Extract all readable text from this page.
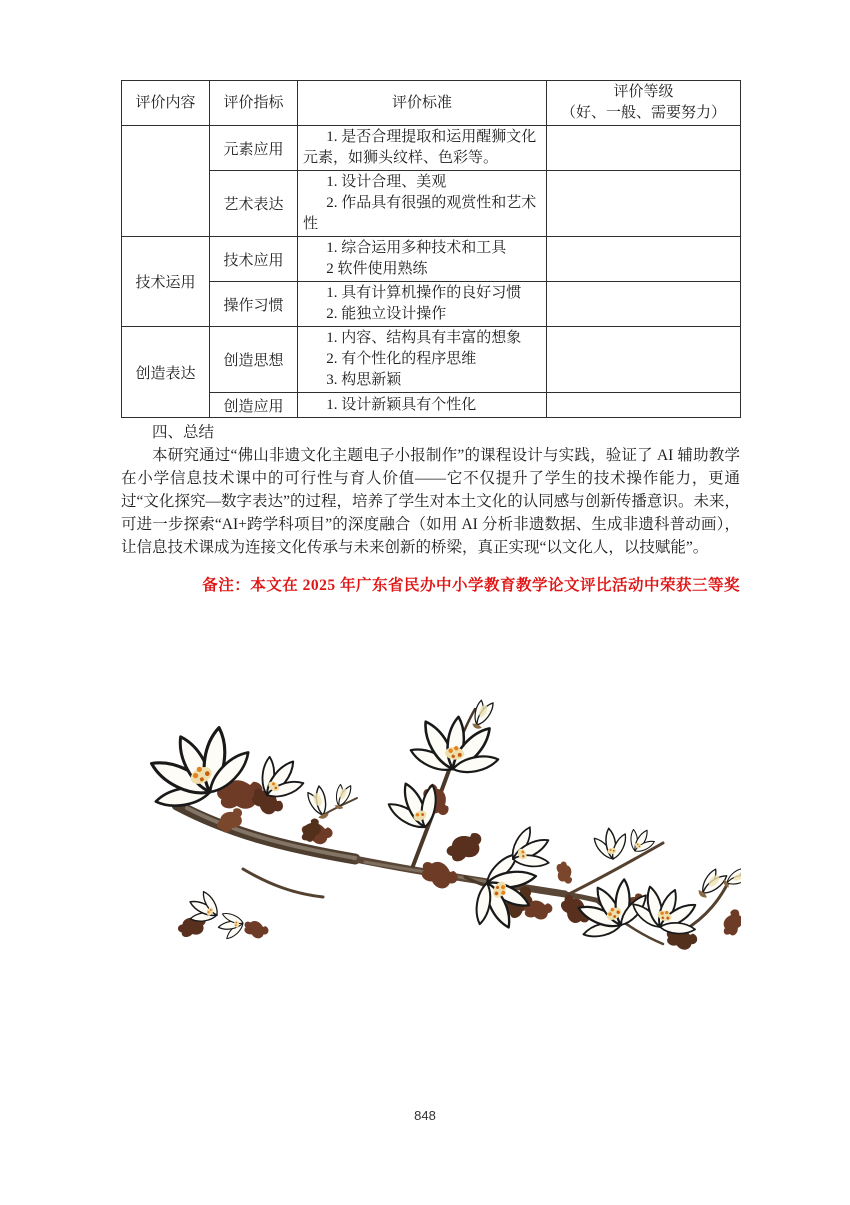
评价内容	评价指标	评价标准	评价等级
（好、一般、需要努力）

	元素应用	1. 是否合理提取和运用醒狮文化元素，如狮头纹样、色彩等。	

	艺术表达	1. 设计合理、美观

2. 作品具有很强的观赏性和艺术性	

技术运用	技术应用	1. 综合运用多种技术和工具

2 软件使用熟练	

	操作习惯	1. 具有计算机操作的良好习惯

2. 能独立设计操作	

创造表达	创造思想	1. 内容、结构具有丰富的想象

2. 有个性化的程序思维

3. 构思新颖	

	创造应用	1. 设计新颖具有个性化	

四、总结

本研究通过“佛山非遗文化主题电子小报制作”的课程设计与实践，验证了 AI 辅助教学在小学信息技术课中的可行性与育人价值——它不仅提升了学生的技术操作能力，更通过“文化探究—数字表达”的过程，培养了学生对本土文化的认同感与创新传播意识。未来，可进一步探索“AI+跨学科项目”的深度融合（如用 AI 分析非遗数据、生成非遗科普动画），让信息技术课成为连接文化传承与未来创新的桥梁，真正实现“以文化人，以技赋能”。

备注：本文在 2025 年广东省民办中小学教育教学论文评比活动中荣获三等奖
848
